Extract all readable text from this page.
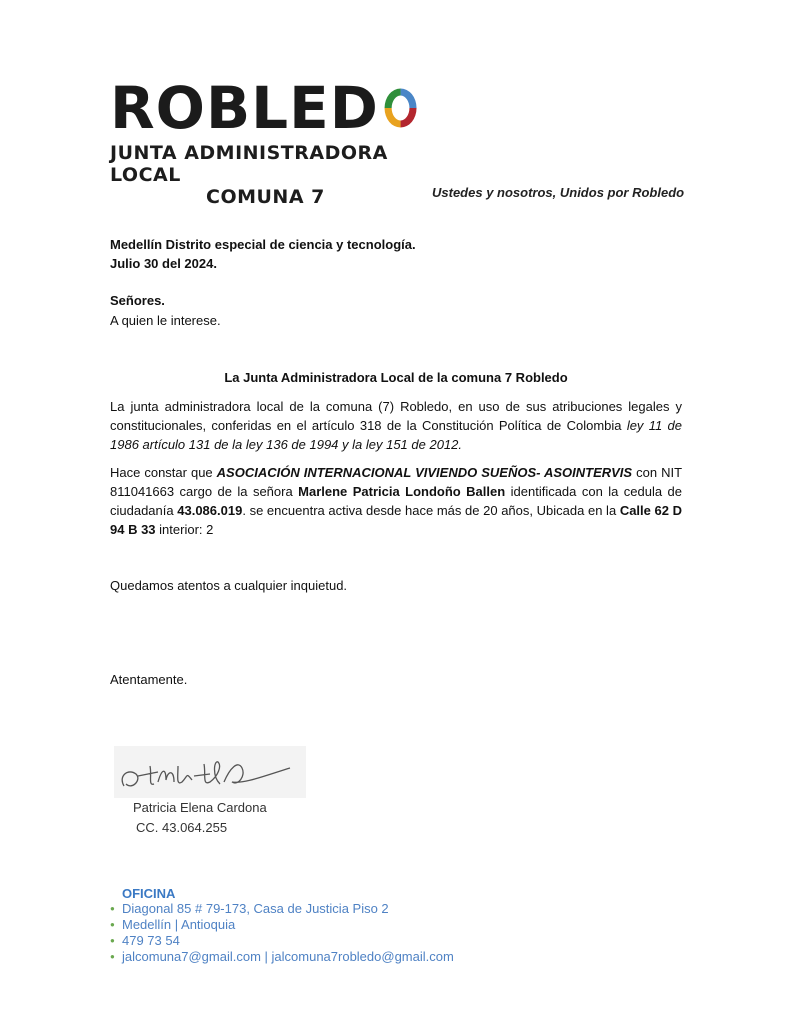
ROBLED
JUNTA ADMINISTRADORA LOCAL
COMUNA 7	Ustedes y nosotros, Unidos por Robledo
Medellín Distrito especial de ciencia y tecnología.
Julio 30 del 2024.
Señores.
A quien le interese.
La Junta Administradora Local de la comuna 7 Robledo
La junta administradora local de la comuna (7) Robledo, en uso de sus atribuciones legales y constitucionales, conferidas en el artículo 318 de la Constitución Política de Colombia ley 11 de 1986 artículo 131 de la ley 136 de 1994 y la ley 151 de 2012.
Hace constar que ASOCIACIÓN INTERNACIONAL VIVIENDO SUEÑOS- ASOINTERVIS con NIT 811041663 cargo de la señora Marlene Patricia Londoño Ballen identificada con la cedula de ciudadanía 43.086.019. se encuentra activa desde hace más de 20 años, Ubicada en la Calle 62 D 94 B 33 interior: 2
Quedamos atentos a cualquier inquietud.
Atentamente.
Patricia Elena Cardona
CC. 43.064.255
OFICINA
● Diagonal 85 # 79-173, Casa de Justicia Piso 2
● Medellín | Antioquia
● 479 73 54
● jalcomuna7@gmail.com | jalcomuna7robledo@gmail.com
